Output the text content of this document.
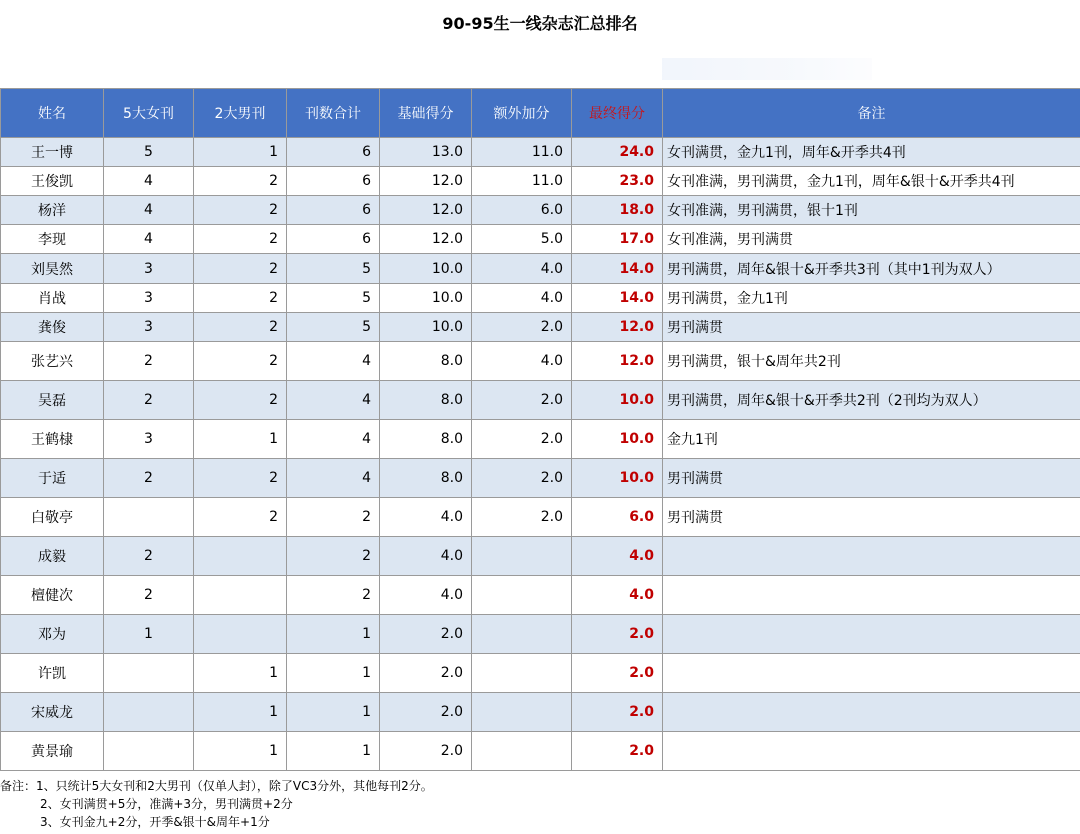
90-95生一线杂志汇总排名
姓名	5大女刊	2大男刊	刊数合计	基础得分	额外加分	最终得分	备注
王一博	5	1	6	13.0	11.0	24.0	女刊满贯，金九1刊，周年&开季共4刊
王俊凯	4	2	6	12.0	11.0	23.0	女刊准满，男刊满贯，金九1刊，周年&银十&开季共4刊
杨洋	4	2	6	12.0	6.0	18.0	女刊准满，男刊满贯，银十1刊
李现	4	2	6	12.0	5.0	17.0	女刊准满，男刊满贯
刘昊然	3	2	5	10.0	4.0	14.0	男刊满贯，周年&银十&开季共3刊（其中1刊为双人）
肖战	3	2	5	10.0	4.0	14.0	男刊满贯，金九1刊
龚俊	3	2	5	10.0	2.0	12.0	男刊满贯
张艺兴	2	2	4	8.0	4.0	12.0	男刊满贯，银十&周年共2刊
吴磊	2	2	4	8.0	2.0	10.0	男刊满贯，周年&银十&开季共2刊（2刊均为双人）
王鹤棣	3	1	4	8.0	2.0	10.0	金九1刊
于适	2	2	4	8.0	2.0	10.0	男刊满贯
白敬亭		2	2	4.0	2.0	6.0	男刊满贯
成毅	2		2	4.0		4.0	
檀健次	2		2	4.0		4.0	
邓为	1		1	2.0		2.0	
许凯		1	1	2.0		2.0	
宋威龙		1	1	2.0		2.0	
黄景瑜		1	1	2.0		2.0	
备注：1、只统计5大女刊和2大男刊（仅单人封），除了VC3分外，其他每刊2分。
2、女刊满贯+5分，准满+3分，男刊满贯+2分
3、女刊金九+2分，开季&银十&周年+1分
